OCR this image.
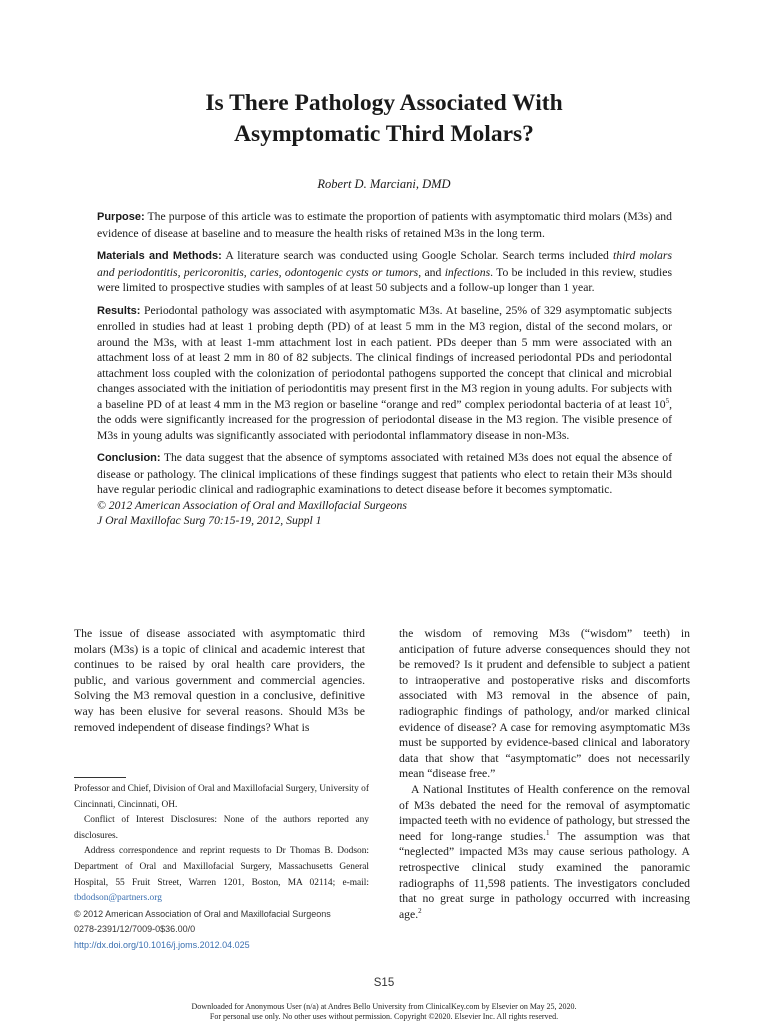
Is There Pathology Associated With
Asymptomatic Third Molars?
Robert D. Marciani, DMD

Purpose: The purpose of this article was to estimate the proportion of patients with asymptomatic third molars (M3s) and evidence of disease at baseline and to measure the health risks of retained M3s in the long term.

Materials and Methods: A literature search was conducted using Google Scholar. Search terms included third molars and periodontitis, pericoronitis, caries, odontogenic cysts or tumors, and infections. To be included in this review, studies were limited to prospective studies with samples of at least 50 subjects and a follow-up longer than 1 year.

Results: Periodontal pathology was associated with asymptomatic M3s. At baseline, 25% of 329 asymptomatic subjects enrolled in studies had at least 1 probing depth (PD) of at least 5 mm in the M3 region, distal of the second molars, or around the M3s, with at least 1-mm attachment lost in each patient. PDs deeper than 5 mm were associated with an attachment loss of at least 2 mm in 80 of 82 subjects. The clinical findings of increased periodontal PDs and periodontal attachment loss coupled with the colonization of periodontal pathogens supported the concept that clinical and microbial changes associated with the initiation of periodontitis may present first in the M3 region in young adults. For subjects with a baseline PD of at least 4 mm in the M3 region or baseline “orange and red” complex periodontal bacteria of at least $10^5$, the odds were significantly increased for the progression of periodontal disease in the M3 region. The visible presence of M3s in young adults was significantly associated with periodontal inflammatory disease in non-M3s.

Conclusion: The data suggest that the absence of symptoms associated with retained M3s does not equal the absence of disease or pathology. The clinical implications of these findings suggest that patients who elect to retain their M3s should have regular periodic clinical and radiographic examinations to detect disease before it becomes symptomatic.

© 2012 American Association of Oral and Maxillofacial Surgeons

J Oral Maxillofac Surg 70:15-19, 2012, Suppl 1

The issue of disease associated with asymptomatic third molars (M3s) is a topic of clinical and academic interest that continues to be raised by oral health care providers, the public, and various government and commercial agencies. Solving the M3 removal question in a conclusive, definitive way has been elusive for several reasons. Should M3s be removed independent of disease findings? What is

the wisdom of removing M3s (“wisdom” teeth) in anticipation of future adverse consequences should they not be removed? Is it prudent and defensible to subject a patient to intraoperative and postoperative risks and discomforts associated with M3 removal in the absence of pain, radiographic findings of pathology, and/or marked clinical evidence of disease? A case for removing asymptomatic M3s must be supported by evidence-based clinical and laboratory data that show that “asymptomatic” does not necessarily mean “disease free.”

A National Institutes of Health conference on the removal of M3s debated the need for the removal of asymptomatic impacted teeth with no evidence of pathology, but stressed the need for long-range studies.$^1$ The assumption was that “neglected” impacted M3s may cause serious pathology. A retrospective clinical study examined the panoramic radiographs of 11,598 patients. The investigators concluded that no great surge in pathology occurred with increasing age.$^2$

Professor and Chief, Division of Oral and Maxillofacial Surgery, University of Cincinnati, Cincinnati, OH.

Conflict of Interest Disclosures: None of the authors reported any disclosures.

Address correspondence and reprint requests to Dr Thomas B. Dodson: Department of Oral and Maxillofacial Surgery, Massachusetts General Hospital, 55 Fruit Street, Warren 1201, Boston, MA 02114; e-mail: tbdodson@partners.org

© 2012 American Association of Oral and Maxillofacial Surgeons

0278-2391/12/7009-0$36.00/0

http://dx.doi.org/10.1016/j.joms.2012.04.025

S15
Downloaded for Anonymous User (n/a) at Andres Bello University from ClinicalKey.com by Elsevier on May 25, 2020.
For personal use only. No other uses without permission. Copyright ©2020. Elsevier Inc. All rights reserved.
